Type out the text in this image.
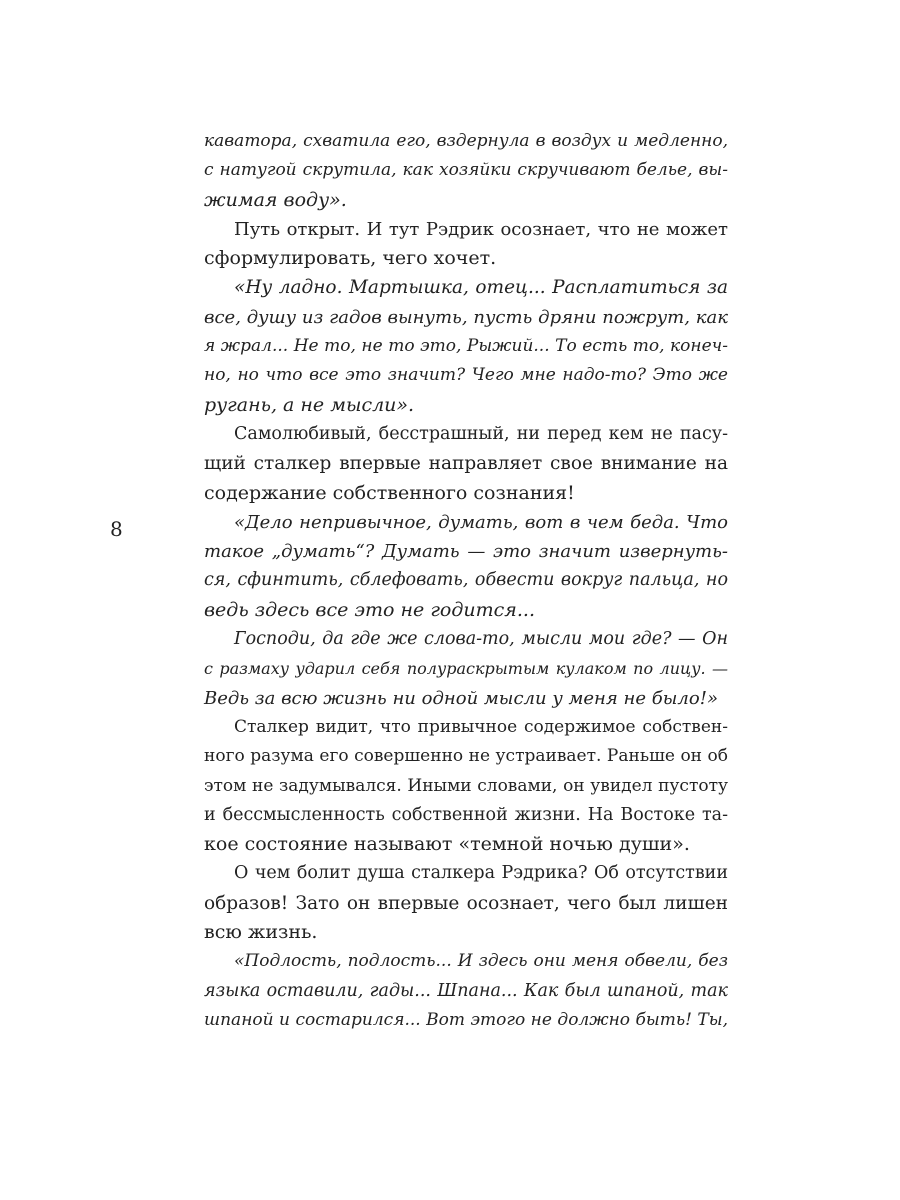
8
каватора, схватила его, вздернула в воздух и медленно,
с натугой скрутила, как хозяйки скручивают белье, вы-
жимая воду».
Путь открыт. И тут Рэдрик осознает, что не может
сформулировать, чего хочет.
«Ну ладно. Мартышка, отец... Расплатиться за
все, душу из гадов вынуть, пусть дряни пожрут, как
я жрал... Не то, не то это, Рыжий... То есть то, конеч-
но, но что все это значит? Чего мне надо-то? Это же
ругань, а не мысли».
Самолюбивый, бесстрашный, ни перед кем не пасу-
щий сталкер впервые направляет свое внимание на
содержание собственного сознания!
«Дело непривычное, думать, вот в чем беда. Что
такое „думать“? Думать — это значит извернуть-
ся, сфинтить, сблефовать, обвести вокруг пальца, но
ведь здесь все это не годится...
Господи, да где же слова-то, мысли мои где? — Он
с размаху ударил себя полураскрытым кулаком по лицу. —
Ведь за всю жизнь ни одной мысли у меня не было!»
Сталкер видит, что привычное содержимое собствен-
ного разума его совершенно не устраивает. Раньше он об
этом не задумывался. Иными словами, он увидел пустоту
и бессмысленность собственной жизни. На Востоке та-
кое состояние называют «темной ночью души».
О чем болит душа сталкера Рэдрика? Об отсутствии
образов! Зато он впервые осознает, чего был лишен
всю жизнь.
«Подлость, подлость... И здесь они меня обвели, без
языка оставили, гады... Шпана... Как был шпаной, так
шпаной и состарился... Вот этого не должно быть! Ты,
